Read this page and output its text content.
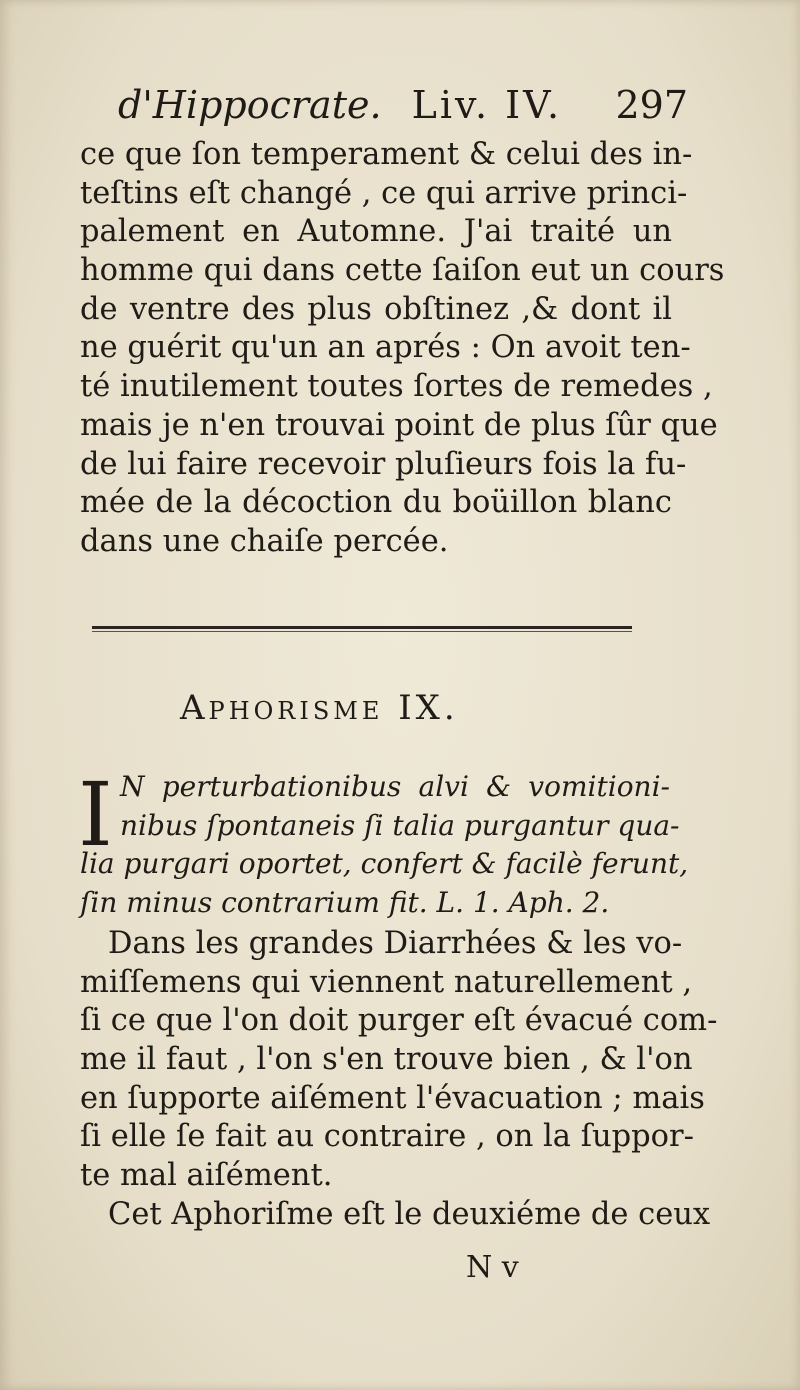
d'Hippocrate. Liv. IV. 297
ce que ſon temperament & celui des in-
teſtins eſt changé , ce qui arrive princi-
palement en Automne. J'ai traité un
homme qui dans cette ſaiſon eut un cours
de ventre des plus obſtinez ,& dont il
ne guérit qu'un an aprés : On avoit ten-
té inutilement toutes ſortes de remedes ,
mais je n'en trouvai point de plus ſûr que
de lui faire recevoir pluſieurs fois la fu-
mée de la décoction du boüillon blanc
dans une chaiſe percée.
Aphorisme IX.
I N perturbationibus alvi & vomitioni-
nibus ſpontaneis ſi talia purgantur qua-
lia purgari oportet, confert & facilè ferunt,
ſin minus contrarium fit. L. 1. Aph. 2.
Dans les grandes Diarrhées & les vo-
miſſemens qui viennent naturellement ,
ſi ce que l'on doit purger eſt évacué com-
me il faut , l'on s'en trouve bien , & l'on
en ſupporte aiſément l'évacuation ; mais
ſi elle ſe fait au contraire , on la ſuppor-
te mal aiſément.
Cet Aphoriſme eſt le deuxiéme de ceux
N v
